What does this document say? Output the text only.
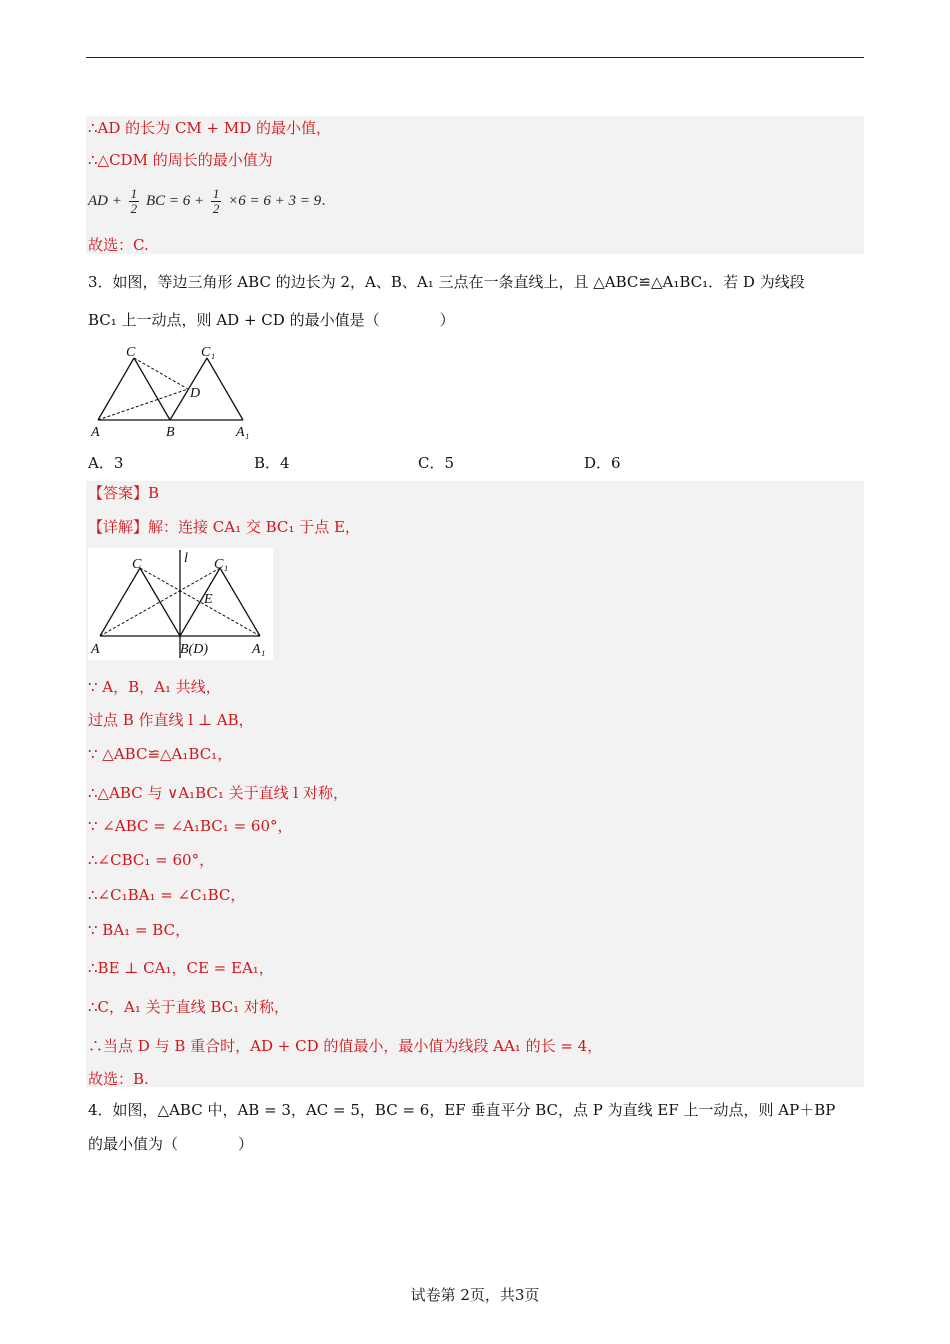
∴AD 的长为 CM + MD 的最小值，
∴△CDM 的周长的最小值为
AD + $\frac{1}{2}$ BC = $6 + \frac{1}{2} \times 6 = 6 + 3 = 9$.
故选：C.
3．如图，等边三角形 ABC 的边长为 2，A、B、A₁ 三点在一条直线上，且 △ABC≌△A₁BC₁．若 D 为线段
BC₁ 上一动点，则 AD + CD 的最小值是（　　　　）
C	C₁
D
A	B	A₁
A．3	B．4	C．5	D．6
【答案】B
【详解】解：连接 CA₁ 交 BC₁ 于点 E，
l
C	C₁
E
A	B(D)	A₁
∵ A，B，A₁ 共线，
过点 B 作直线 l ⊥ AB，
∵ △ABC≌△A₁BC₁，
∴△ABC 与 ∨A₁BC₁ 关于直线 l 对称，
∵ ∠ABC = ∠A₁BC₁ = 60°，
∴∠CBC₁ = 60°，
∴∠C₁BA₁ = ∠C₁BC，
∵ BA₁ = BC，
∴BE ⊥ CA₁，CE = EA₁，
∴C，A₁ 关于直线 BC₁ 对称，
∴当点 D 与 B 重合时，AD + CD 的值最小，最小值为线段 AA₁ 的长 = 4，
故选：B.
4．如图，△ABC 中，AB = 3，AC = 5，BC = 6，EF 垂直平分 BC，点 P 为直线 EF 上一动点，则 AP＋BP
的最小值为（　　　　）
试卷第 2页，共3页
